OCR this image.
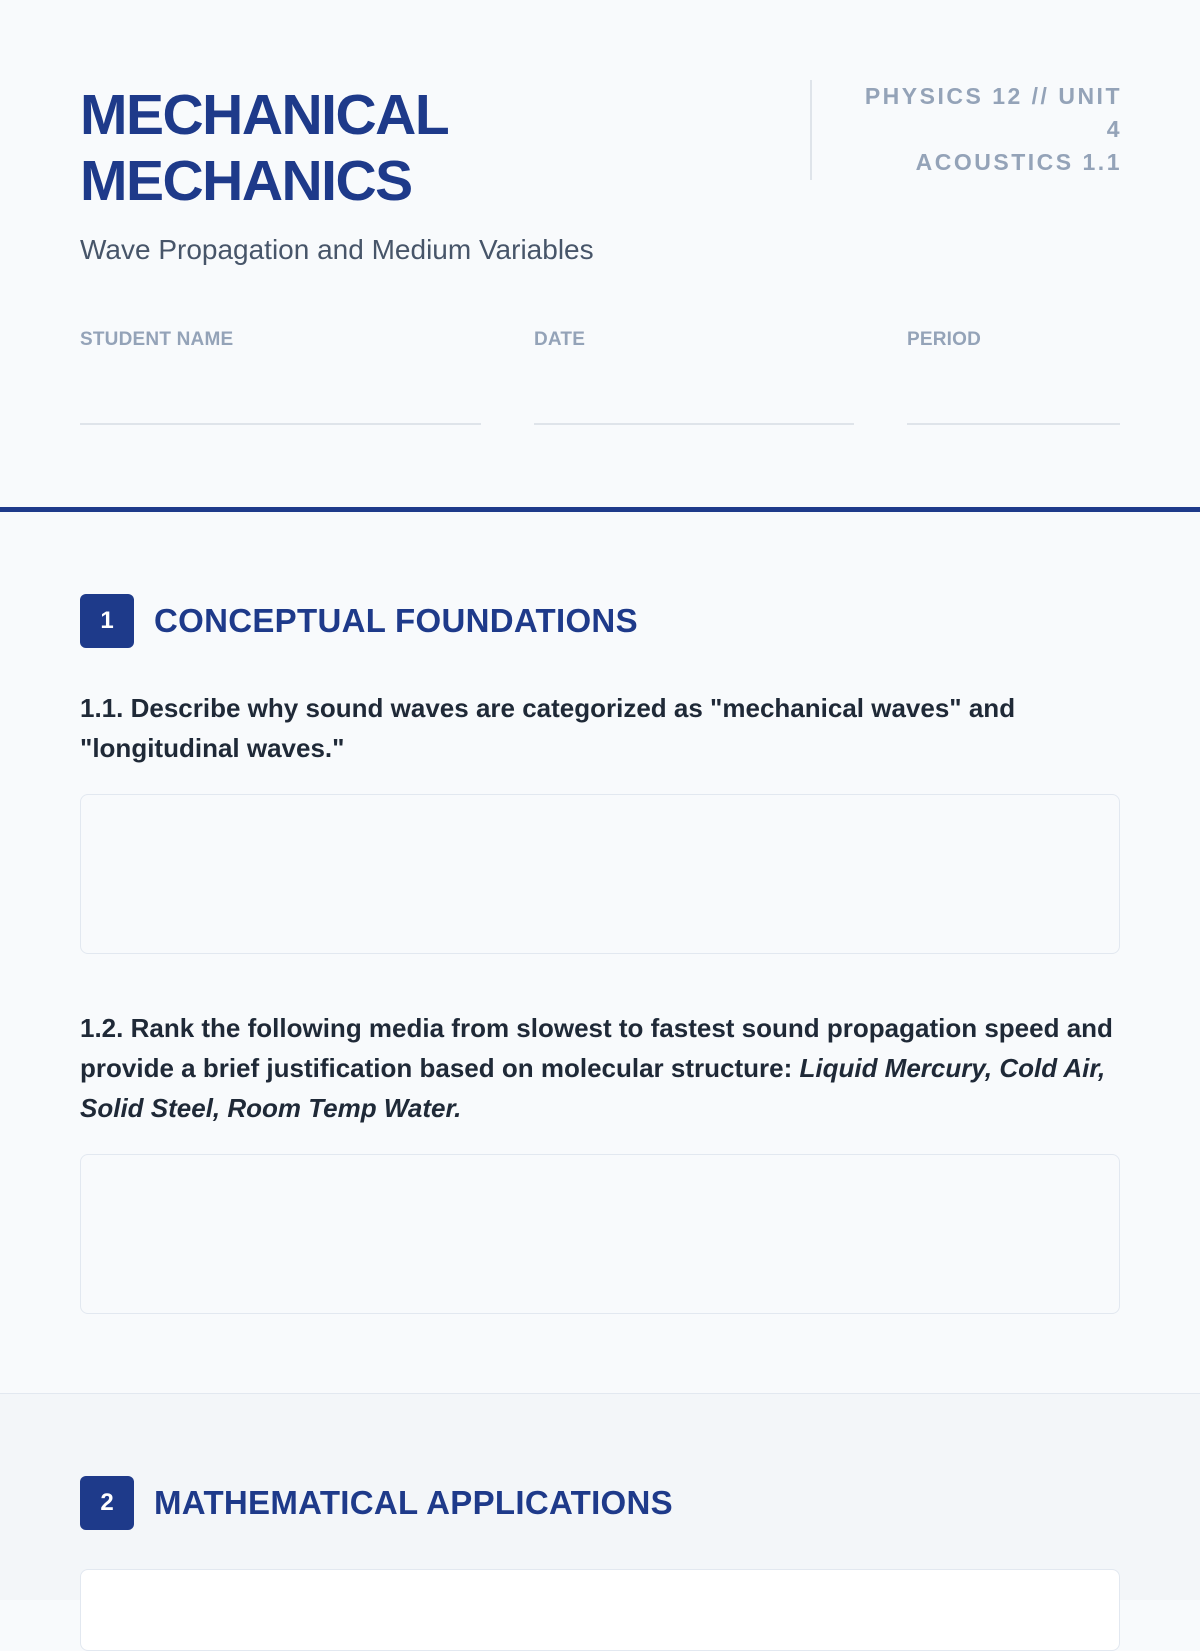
MECHANICAL
MECHANICS
Wave Propagation and Medium Variables
PHYSICS 12 // UNIT
4
ACOUSTICS 1.1
STUDENT NAME	DATE	PERIOD
1	CONCEPTUAL FOUNDATIONS

1.1. Describe why sound waves are categorized as "mechanical waves" and "longitudinal waves."

1.2. Rank the following media from slowest to fastest sound propagation speed and provide a brief justification based on molecular structure: Liquid Mercury, Cold Air, Solid Steel, Room Temp Water.

2	MATHEMATICAL APPLICATIONS
